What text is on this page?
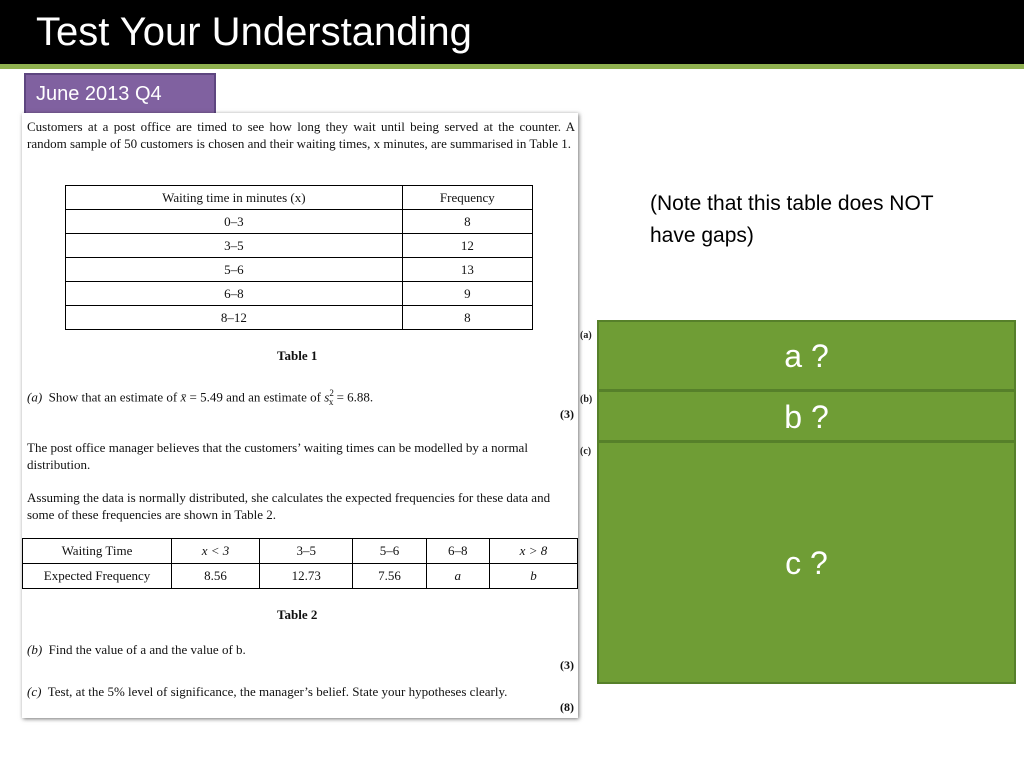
Test Your Understanding
June 2013 Q4
Customers at a post office are timed to see how long they wait until being served at the counter. A random sample of 50 customers is chosen and their waiting times, x minutes, are summarised in Table 1.
Waiting time in minutes (x)	Frequency
0–3	8
3–5	12
5–6	13
6–8	9
8–12	8
Table 1
(a) Show that an estimate of x̄ = 5.49 and an estimate of $s^2_x = 6.88$.
(3)
The post office manager believes that the customers’ waiting times can be modelled by a normal distribution.
Assuming the data is normally distributed, she calculates the expected frequencies for these data and some of these frequencies are shown in Table 2.
Waiting Time	x < 3	3–5	5–6	6–8	x > 8
Expected Frequency	8.56	12.73	7.56	a	b
Table 2
(b) Find the value of a and the value of b.
(3)
(c) Test, at the 5% level of significance, the manager’s belief. State your hypotheses clearly.
(8)
(a)
(b)
(c)
(Note that this table does NOT have gaps)
a ?
b ?
c ?
